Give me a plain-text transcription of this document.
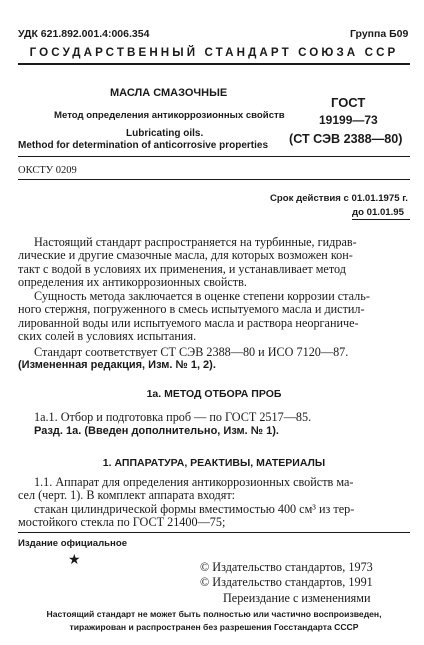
УДК 621.892.001.4:006.354	Группа Б09
ГОСУДАРСТВЕННЫЙ СТАНДАРТ СОЮЗА ССР
МАСЛА СМАЗОЧНЫЕ
ГОСТ
Метод определения антикоррозионных свойств	19199—73
Lubricating oils.
Method for determination of anticorrosive properties (СТ СЭВ 2388—80)
ОКСТУ 0209
Срок действия с 01.01.1975 г.
до 01.01.95
Настоящий стандарт распространяется на турбинные, гидрав-
лические и другие смазочные масла, для которых возможен кон-
такт с водой в условиях их применения, и устанавливает метод
определения их антикоррозионных свойств.
Сущность метода заключается в оценке степени коррозии сталь-
ного стержня, погруженного в смесь испытуемого масла и дистил-
лированной воды или испытуемого масла и раствора неорганиче-
ских солей в условиях испытания.
Стандарт соответствует СТ СЭВ 2388—80 и ИСО 7120—87.
(Измененная редакция, Изм. № 1, 2).
1а. МЕТОД ОТБОРА ПРОБ
1а.1. Отбор и подготовка проб — по ГОСТ 2517—85.
Разд. 1а. (Введен дополнительно, Изм. № 1).
1. АППАРАТУРА, РЕАКТИВЫ, МАТЕРИАЛЫ
1.1. Аппарат для определения антикоррозионных свойств ма-
сел (черт. 1). В комплект аппарата входят:
стакан цилиндрической формы вместимостью 400 см³ из тер-
мостойкого стекла по ГОСТ 21400—75;
Издание официальное
★	© Издательство стандартов, 1973
© Издательство стандартов, 1991
Переиздание с изменениями
Настоящий стандарт не может быть полностью или частично воспроизведен,
тиражирован и распространен без разрешения Госстандарта СССР
